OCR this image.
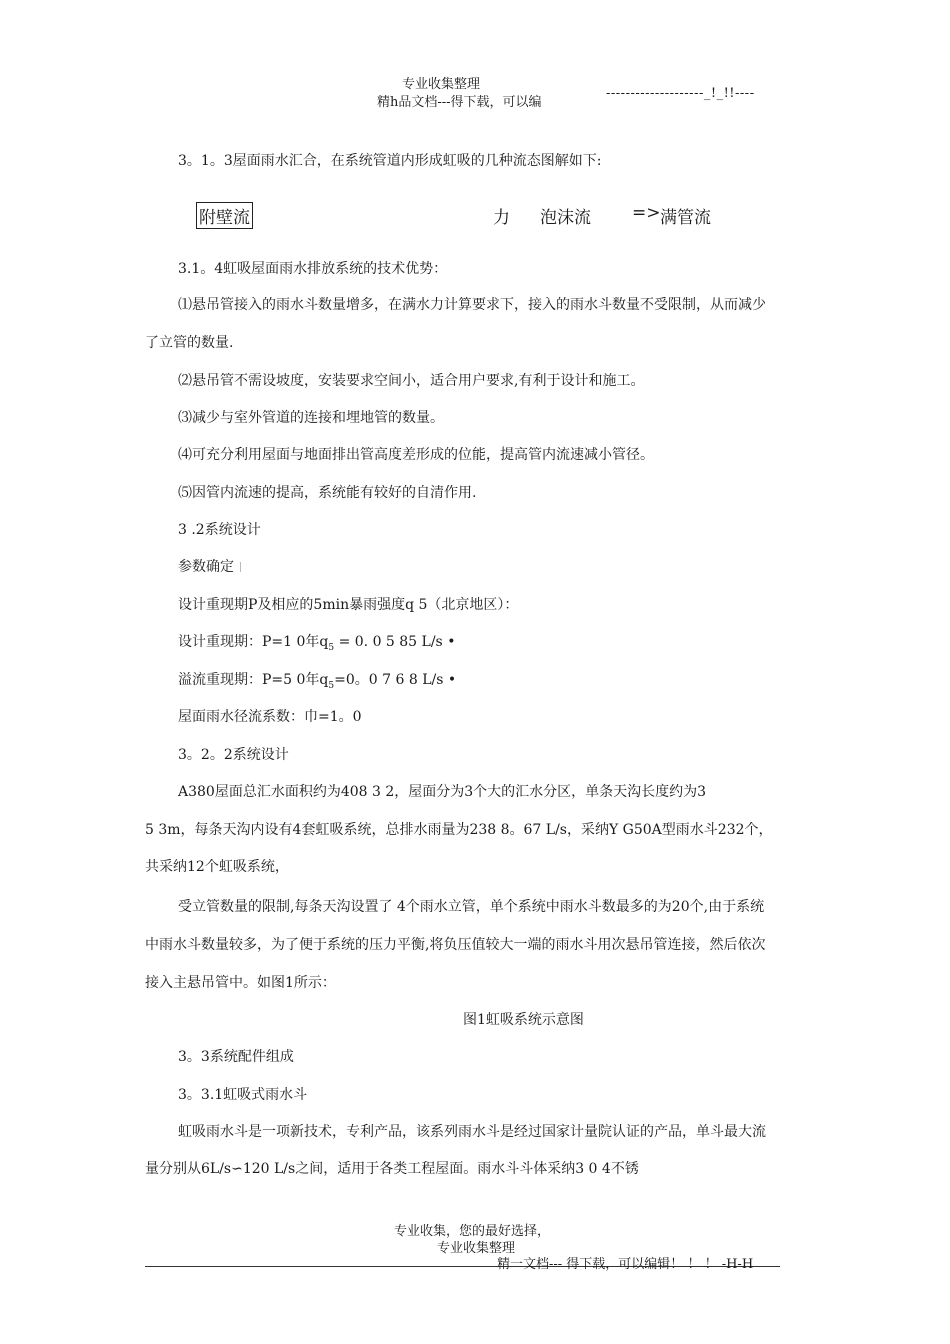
专业收集整理
精h品文档---得下载，可以编
--------------------_!_!!----
3。1。3屋面雨水汇合，在系统管道内形成虹吸的几种流态图解如下:
附壁流	力 泡沫流 => 满管流
3.1。4虹吸屋面雨水排放系统的技术优势：
⑴悬吊管接入的雨水斗数量增多，在满水力计算要求下，接入的雨水斗数量不受限制，从而减少
了立管的数量.
⑵悬吊管不需设坡度，安装要求空间小，适合用户要求,有利于设计和施工。
⑶减少与室外管道的连接和埋地管的数量。
⑷可充分利用屋面与地面排出管高度差形成的位能，提高管内流速减小管径。
⑸因管内流速的提高，系统能有较好的自清作用.
3 .2系统设计
参数确定
设计重现期P及相应的5min暴雨强度q 5（北京地区）：
设计重现期：P=1 0年$q_5 = 0$. 0 5 85 L/s •
溢流重现期：P=5 0年$q_5=0$。0 7 6 8 L/s •
屋面雨水径流系数：巾=1。0
3。2。2系统设计
A380屋面总汇水面积约为408 3 2，屋面分为3个大的汇水分区，单条天沟长度约为3
5 3m，每条天沟内设有4套虹吸系统，总排水雨量为238 8。67 L/s，采纳Y G50A型雨水斗232个，
共采纳12个虹吸系统，
受立管数量的限制,每条天沟设置了 4个雨水立管，单个系统中雨水斗数最多的为20个,由于系统
中雨水斗数量较多，为了便于系统的压力平衡,将负压值较大一端的雨水斗用次悬吊管连接，然后依次
接入主悬吊管中。如图1所示：
图1虹吸系统示意图
3。3系统配件组成
3。3.1虹吸式雨水斗
虹吸雨水斗是一项新技术，专利产品，该系列雨水斗是经过国家计量院认证的产品，单斗最大流
量分别从6L/s∽120 L/s之间，适用于各类工程屋面。雨水斗斗体采纳3 0 4不锈
专业收集，您的最好选择，
专业收集整理
精一文档--- 得下载，可以编辑！ ！ ！ -H-H
